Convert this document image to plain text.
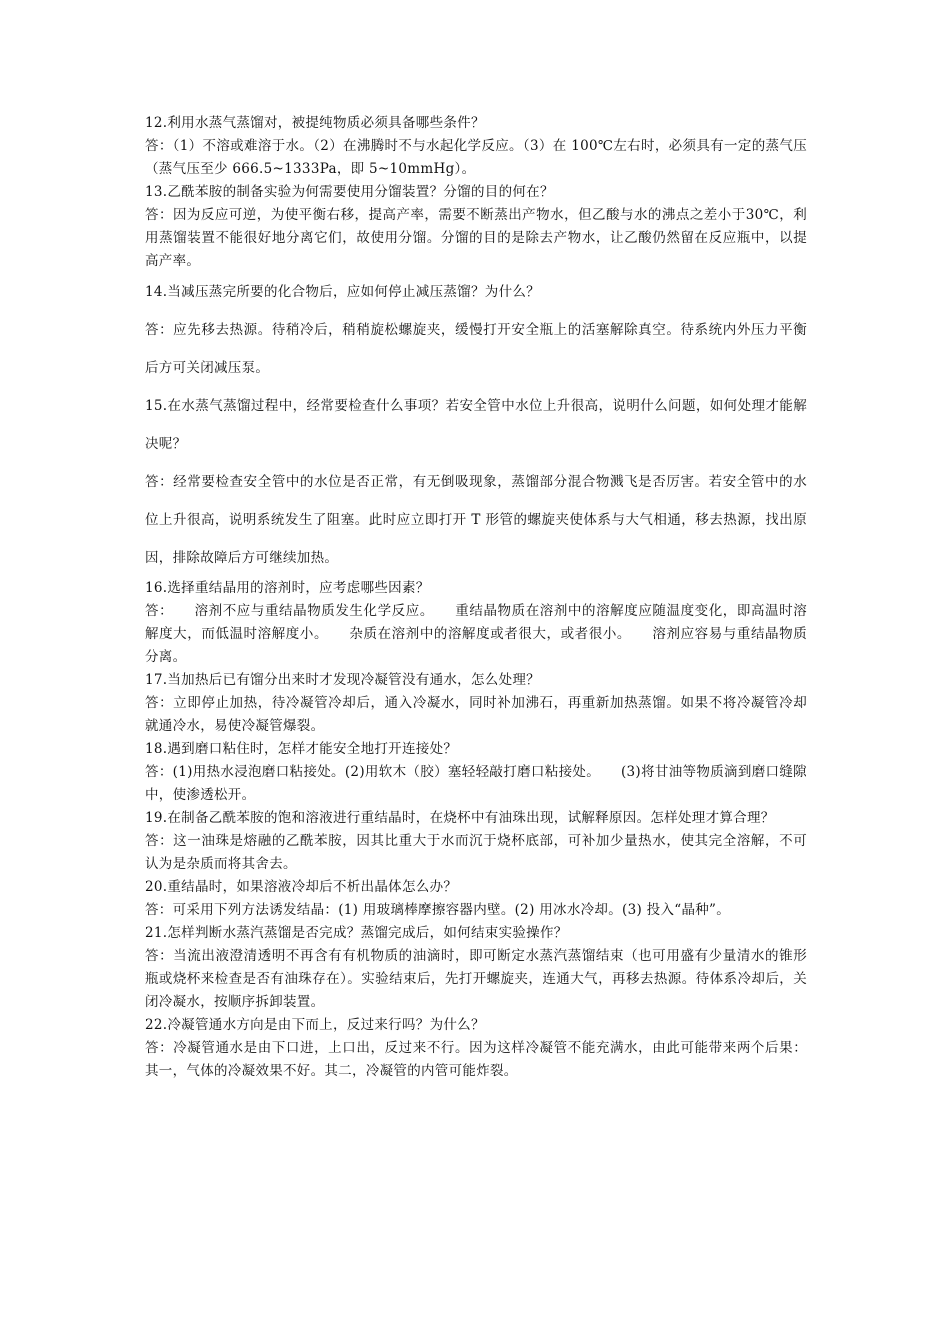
12.利用水蒸气蒸馏对，被提纯物质必须具备哪些条件？

答：（1）不溶或难溶于水。（2）在沸腾时不与水起化学反应。（3）在 100℃左右时，必须具有一定的蒸气压（蒸气压至少 666.5~1333Pa，即 5~10mmHg）。

13.乙酰苯胺的制备实验为何需要使用分馏装置？分馏的目的何在？

答：因为反应可逆，为使平衡右移，提高产率，需要不断蒸出产物水，但乙酸与水的沸点之差小于30℃，利用蒸馏装置不能很好地分离它们，故使用分馏。分馏的目的是除去产物水，让乙酸仍然留在反应瓶中，以提高产率。

14.当减压蒸完所要的化合物后，应如何停止减压蒸馏？为什么？

答：应先移去热源。待稍冷后，稍稍旋松螺旋夹，缓慢打开安全瓶上的活塞解除真空。待系统内外压力平衡后方可关闭减压泵。

15.在水蒸气蒸馏过程中，经常要检查什么事项？若安全管中水位上升很高，说明什么问题，如何处理才能解决呢？

答：经常要检查安全管中的水位是否正常，有无倒吸现象，蒸馏部分混合物溅飞是否厉害。若安全管中的水位上升很高，说明系统发生了阻塞。此时应立即打开 T 形管的螺旋夹使体系与大气相通，移去热源，找出原因，排除故障后方可继续加热。

16.选择重结晶用的溶剂时，应考虑哪些因素？

答：　　溶剂不应与重结晶物质发生化学反应。　　重结晶物质在溶剂中的溶解度应随温度变化，即高温时溶解度大，而低温时溶解度小。　　杂质在溶剂中的溶解度或者很大，或者很小。　　溶剂应容易与重结晶物质分离。

17.当加热后已有馏分出来时才发现冷凝管没有通水，怎么处理？

答：立即停止加热，待冷凝管冷却后，通入冷凝水，同时补加沸石，再重新加热蒸馏。如果不将冷凝管冷却就通冷水，易使冷凝管爆裂。

18.遇到磨口粘住时，怎样才能安全地打开连接处？

答：(1)用热水浸泡磨口粘接处。(2)用软木（胶）塞轻轻敲打磨口粘接处。　　(3)将甘油等物质滴到磨口缝隙中，使渗透松开。

19.在制备乙酰苯胺的饱和溶液进行重结晶时，在烧杯中有油珠出现，试解释原因。怎样处理才算合理？

答：这一油珠是熔融的乙酰苯胺，因其比重大于水而沉于烧杯底部，可补加少量热水，使其完全溶解，不可认为是杂质而将其舍去。

20.重结晶时，如果溶液冷却后不析出晶体怎么办？

答：可采用下列方法诱发结晶：(1) 用玻璃棒摩擦容器内壁。(2) 用冰水冷却。(3) 投入“晶种”。

21.怎样判断水蒸汽蒸馏是否完成？蒸馏完成后，如何结束实验操作？

答：当流出液澄清透明不再含有有机物质的油滴时，即可断定水蒸汽蒸馏结束（也可用盛有少量清水的锥形瓶或烧杯来检查是否有油珠存在）。实验结束后，先打开螺旋夹，连通大气，再移去热源。待体系冷却后，关闭冷凝水，按顺序拆卸装置。

22.冷凝管通水方向是由下而上，反过来行吗？为什么？

答：冷凝管通水是由下口进，上口出，反过来不行。因为这样冷凝管不能充满水，由此可能带来两个后果：其一，气体的冷凝效果不好。其二，冷凝管的内管可能炸裂。
